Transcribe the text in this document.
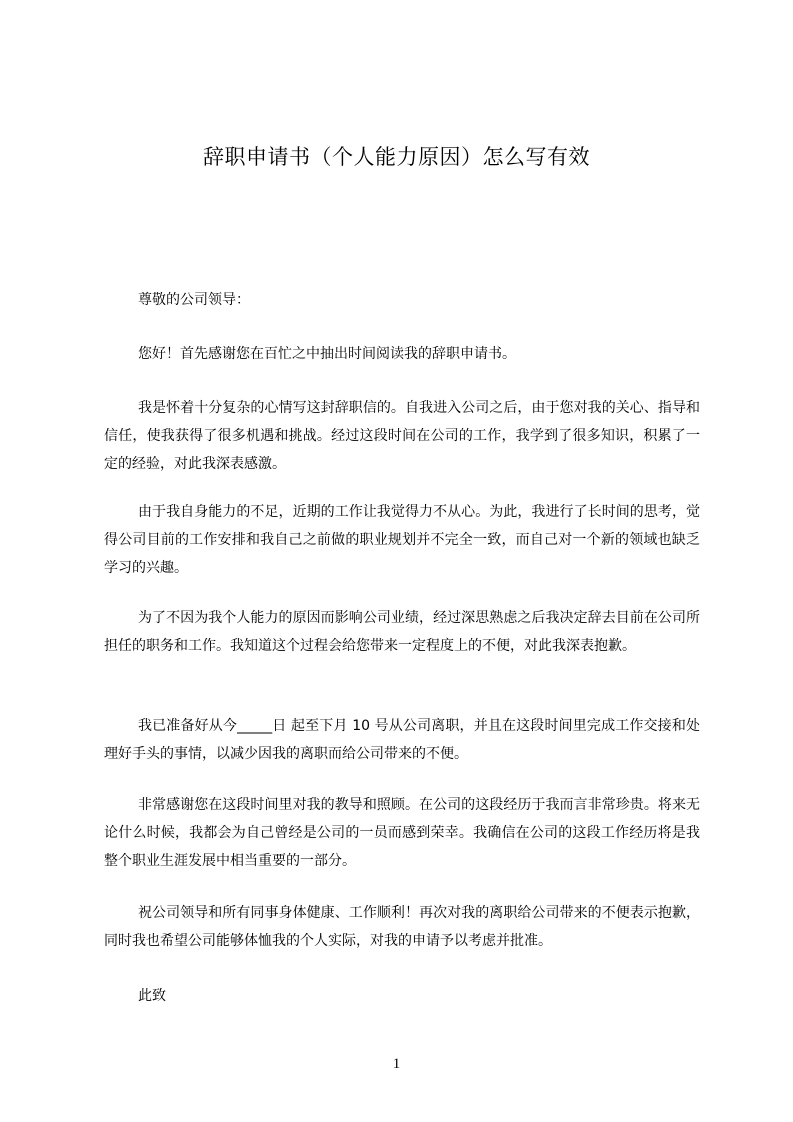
辞职申请书（个人能力原因）怎么写有效
尊敬的公司领导：
您好！首先感谢您在百忙之中抽出时间阅读我的辞职申请书。
我是怀着十分复杂的心情写这封辞职信的。自我进入公司之后，由于您对我的关心、指导和信任，使我获得了很多机遇和挑战。经过这段时间在公司的工作，我学到了很多知识，积累了一定的经验，对此我深表感激。
由于我自身能力的不足，近期的工作让我觉得力不从心。为此，我进行了长时间的思考，觉得公司目前的工作安排和我自己之前做的职业规划并不完全一致，而自己对一个新的领域也缺乏学习的兴趣。
为了不因为我个人能力的原因而影响公司业绩，经过深思熟虑之后我决定辞去目前在公司所担任的职务和工作。我知道这个过程会给您带来一定程度上的不便，对此我深表抱歉。
我已准备好从今_____日 起至下月 10 号从公司离职，并且在这段时间里完成工作交接和处理好手头的事情，以减少因我的离职而给公司带来的不便。
非常感谢您在这段时间里对我的教导和照顾。在公司的这段经历于我而言非常珍贵。将来无论什么时候，我都会为自己曾经是公司的一员而感到荣幸。我确信在公司的这段工作经历将是我整个职业生涯发展中相当重要的一部分。
祝公司领导和所有同事身体健康、工作顺利！再次对我的离职给公司带来的不便表示抱歉，同时我也希望公司能够体恤我的个人实际，对我的申请予以考虑并批准。
此致
1
